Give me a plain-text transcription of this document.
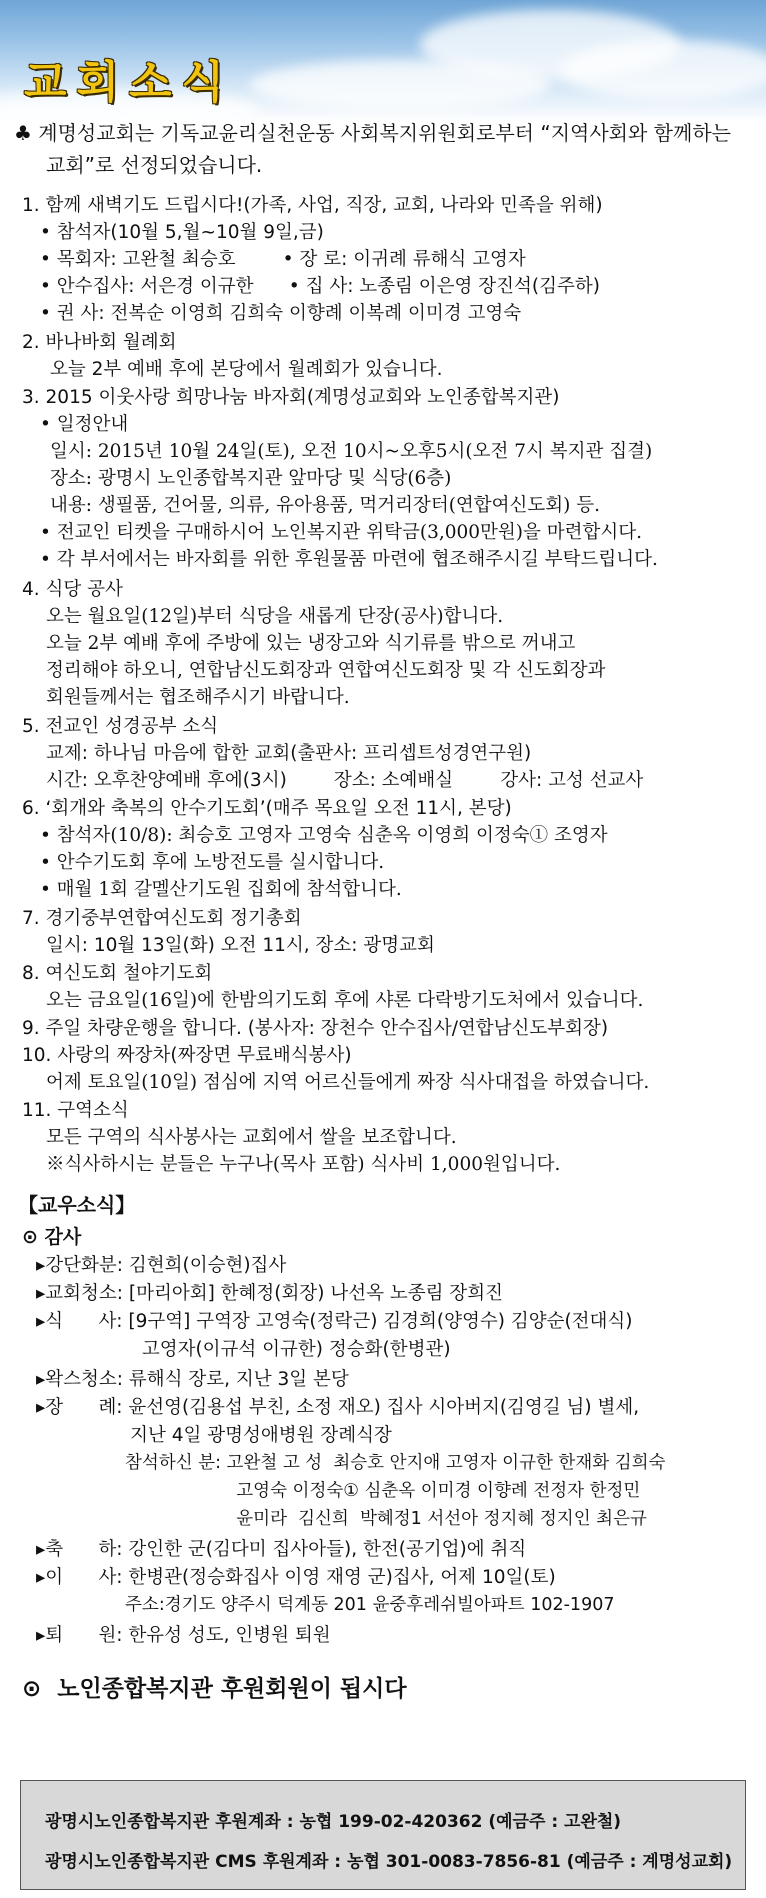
교회소식
♣ 계명성교회는 기독교윤리실천운동 사회복지위원회로부터 “지역사회와 함께하는
교회”로 선정되었습니다.
1. 함께 새벽기도 드립시다!(가족, 사업, 직장, 교회, 나라와 민족을 위해)
• 참석자(10월 5,월~10월 9일,금)
• 목회자: 고완철 최승호        • 장 로: 이귀례 류해식 고영자
• 안수집사: 서은경 이규한      • 집 사: 노종림 이은영 장진석(김주하)
• 권 사: 전복순 이영희 김희숙 이향례 이복례 이미경 고영숙
2. 바나바회 월례회
오늘 2부 예배 후에 본당에서 월례회가 있습니다.
3. 2015 이웃사랑 희망나눔 바자회(계명성교회와 노인종합복지관)
• 일정안내
일시: 2015년 10월 24일(토), 오전 10시~오후5시(오전 7시 복지관 집결)
장소: 광명시 노인종합복지관 앞마당 및 식당(6층)
내용: 생필품, 건어물, 의류, 유아용품, 먹거리장터(연합여신도회) 등.
• 전교인 티켓을 구매하시어 노인복지관 위탁금(3,000만원)을 마련합시다.
• 각 부서에서는 바자회를 위한 후원물품 마련에 협조해주시길 부탁드립니다.
4. 식당 공사
오는 월요일(12일)부터 식당을 새롭게 단장(공사)합니다.
오늘 2부 예배 후에 주방에 있는 냉장고와 식기류를 밖으로 꺼내고
정리해야 하오니, 연합남신도회장과 연합여신도회장 및 각 신도회장과
회원들께서는 협조해주시기 바랍니다.
5. 전교인 성경공부 소식
교제: 하나님 마음에 합한 교회(출판사: 프리셉트성경연구원)
시간: 오후찬양예배 후에(3시)        장소: 소예배실        강사: 고성 선교사
6. ‘회개와 축복의 안수기도회’(매주 목요일 오전 11시, 본당)
• 참석자(10/8): 최승호 고영자 고영숙 심춘옥 이영희 이정숙① 조영자
• 안수기도회 후에 노방전도를 실시합니다.
• 매월 1회 갈멜산기도원 집회에 참석합니다.
7. 경기중부연합여신도회 정기총회
일시: 10월 13일(화) 오전 11시, 장소: 광명교회
8. 여신도회 철야기도회
오는 금요일(16일)에 한밤의기도회 후에 샤론 다락방기도처에서 있습니다.
9. 주일 차량운행을 합니다. (봉사자: 장천수 안수집사/연합남신도부회장)
10. 사랑의 짜장차(짜장면 무료배식봉사)
어제 토요일(10일) 점심에 지역 어르신들에게 짜장 식사대접을 하였습니다.
11. 구역소식
모든 구역의 식사봉사는 교회에서 쌀을 보조합니다.
※식사하시는 분들은 누구나(목사 포함) 식사비 1,000원입니다.
【교우소식】
⊙ 감사
▸강단화분: 김현희(이승현)집사
▸교회청소: [마리아회] 한혜정(회장) 나선옥 노종림 장희진
▸식      사: [9구역] 구역장 고영숙(정락근) 김경희(양영수) 김양순(전대식)
고영자(이규석 이규한) 정승화(한병관)
▸왁스청소: 류해식 장로, 지난 3일 본당
▸장      례: 윤선영(김용섭 부친, 소정 재오) 집사 시아버지(김영길 님) 별세,
지난 4일 광명성애병원 장례식장
참석하신 분: 고완철 고 성  최승호 안지애 고영자 이규한 한재화 김희숙
고영숙 이정숙① 심춘옥 이미경 이향례 전정자 한정민
윤미라  김신희  박혜정1 서선아 정지혜 정지인 최은규
▸축      하: 강인한 군(김다미 집사아들), 한전(공기업)에 취직
▸이      사: 한병관(정승화집사 이영 재영 군)집사, 어제 10일(토)
주소:경기도 양주시 덕계동 201 윤중후레쉬빌아파트 102-1907
▸퇴      원: 한유성 성도, 인병원 퇴원
⊙  노인종합복지관 후원회원이 됩시다
광명시노인종합복지관 후원계좌 : 농협 199-02-420362 (예금주 : 고완철)
광명시노인종합복지관 CMS 후원계좌 : 농협 301-0083-7856-81 (예금주 : 계명성교회)
